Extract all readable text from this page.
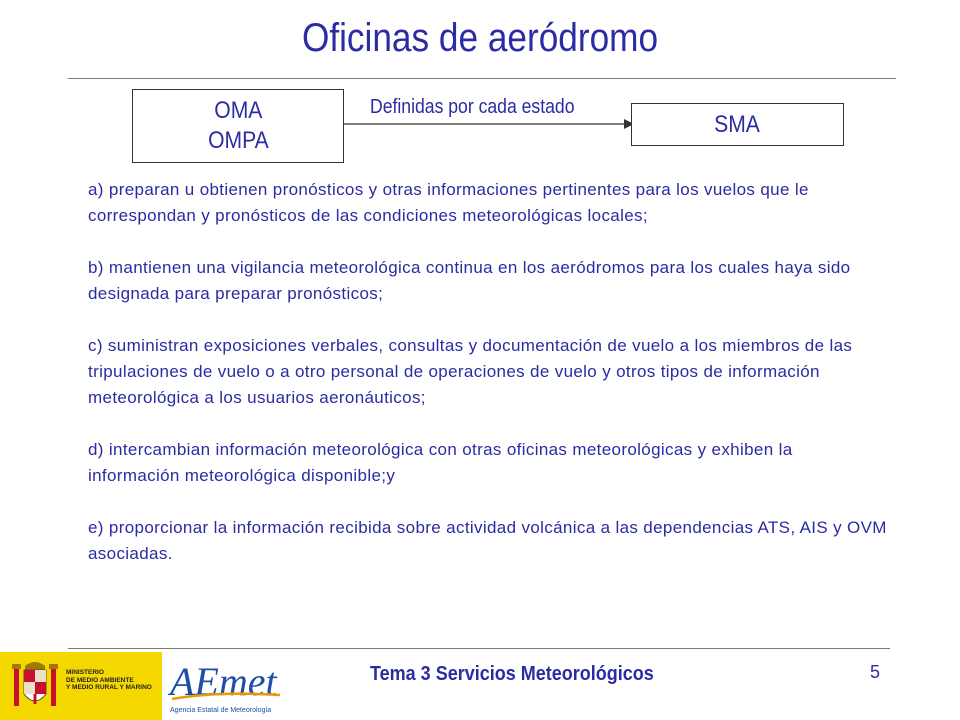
Oficinas de aeródromo
OMA
OMPA
Definidas por cada estado
SMA

a) preparan u obtienen pronósticos y otras informaciones pertinentes para los vuelos que le correspondan y pronósticos de las condiciones meteorológicas locales;

b) mantienen una vigilancia meteorológica continua en los aeródromos para los cuales haya sido designada para preparar pronósticos;

c) suministran exposiciones verbales, consultas y documentación de vuelo a los miembros de las tripulaciones de vuelo o a otro personal de operaciones de vuelo y otros tipos de información meteorológica a los usuarios aeronáuticos;

d) intercambian información meteorológica con otras oficinas meteorológicas y exhiben la información meteorológica disponible;y

e) proporcionar la información recibida sobre actividad volcánica a las dependencias ATS, AIS y OVM asociadas.

MINISTERIO
DE MEDIO AMBIENTE
Y MEDIO RURAL Y MARINO AEmet
Agencia Estatal de Meteorología
Tema 3 Servicios Meteorológicos	5
